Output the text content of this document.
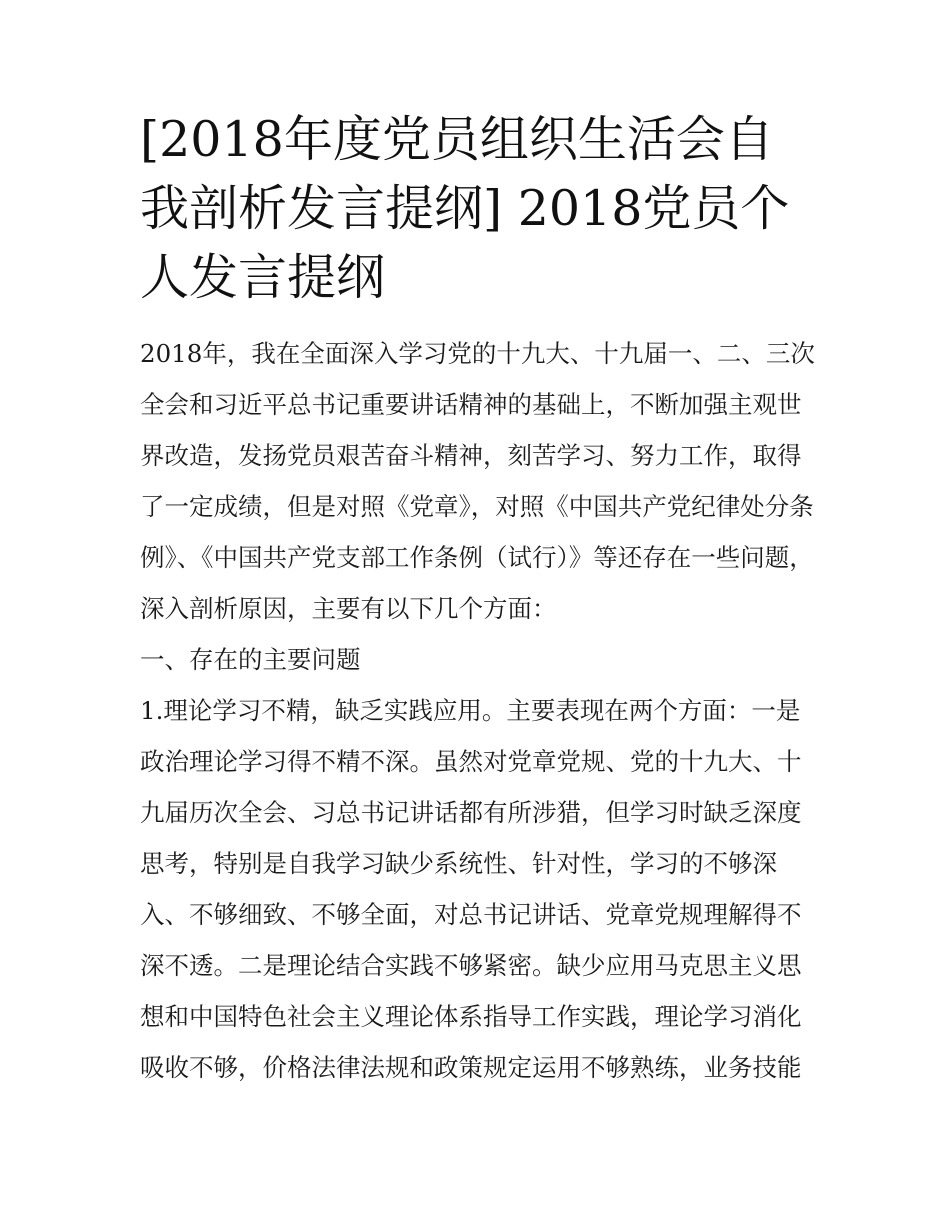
[2018年度党员组织生活会自我剖析发言提纲] 2018党员个人发言提纲

2018年，我在全面深入学习党的十九大、十九届一、二、三次全会和习近平总书记重要讲话精神的基础上，不断加强主观世界改造，发扬党员艰苦奋斗精神，刻苦学习、努力工作，取得了一定成绩，但是对照《党章》，对照《中国共产党纪律处分条例》、《中国共产党支部工作条例（试行）》等还存在一些问题，深入剖析原因，主要有以下几个方面：

一、存在的主要问题

1.理论学习不精，缺乏实践应用。主要表现在两个方面：一是政治理论学习得不精不深。虽然对党章党规、党的十九大、十九届历次全会、习总书记讲话都有所涉猎，但学习时缺乏深度思考，特别是自我学习缺少系统性、针对性，学习的不够深入、不够细致、不够全面，对总书记讲话、党章党规理解得不深不透。二是理论结合实践不够紧密。缺少应用马克思主义思想和中国特色社会主义理论体系指导工作实践，理论学习消化吸收不够，价格法律法规和政策规定运用不够熟练，业务技能
